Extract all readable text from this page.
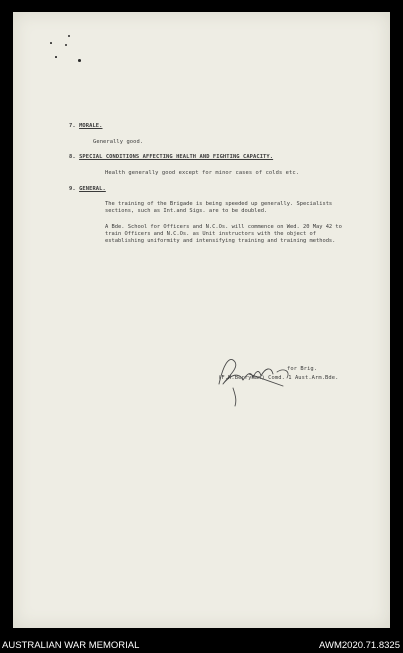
7. MORALE.
Generally good.
8. SPECIAL CONDITIONS AFFECTING HEALTH AND FIGHTING CAPACITY.
Health generally good except for minor cases of colds etc.
9. GENERAL.
The training of the Brigade is being speeded up generally. Specialists sections, such as Int.and Sigs. are to be doubled.
A Bde. School for Officers and N.C.Os. will commence on Wed. 20 May 42 to train Officers and N.C.Os. as Unit instructors with the object of establishing uniformity and intensifying training and training methods.
for Brig.
(F.H.Berryman) Comd. 1 Aust.Arm.Bde.
AUSTRALIAN WAR MEMORIAL	AWM2020.71.8325
